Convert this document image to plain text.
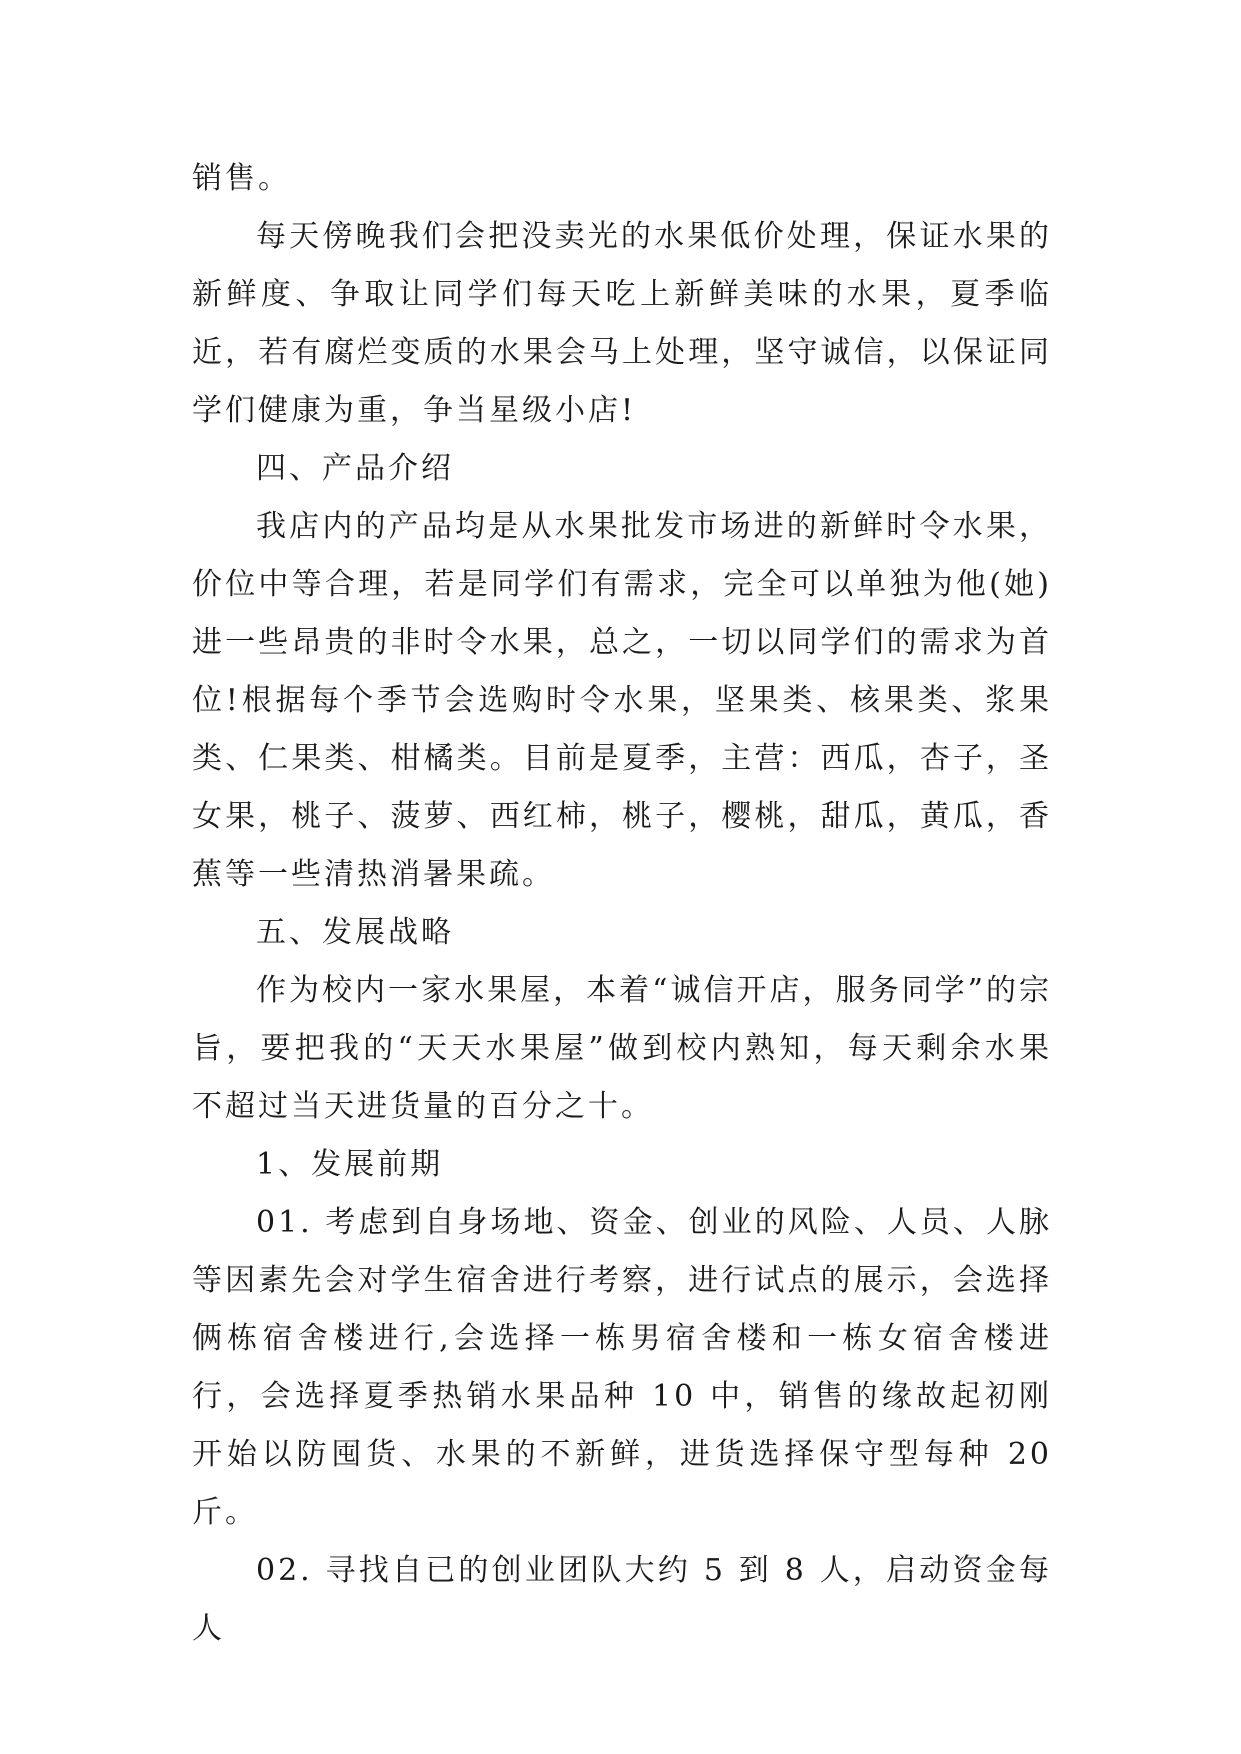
销售。

每天傍晚我们会把没卖光的水果低价处理，保证水果的新鲜度、争取让同学们每天吃上新鲜美味的水果，夏季临近，若有腐烂变质的水果会马上处理，坚守诚信，以保证同学们健康为重，争当星级小店!

四、产品介绍

我店内的产品均是从水果批发市场进的新鲜时令水果，价位中等合理，若是同学们有需求，完全可以单独为他(她)进一些昂贵的非时令水果，总之，一切以同学们的需求为首位!根据每个季节会选购时令水果，坚果类、核果类、浆果类、仁果类、柑橘类。目前是夏季，主营：西瓜，杏子，圣女果，桃子、菠萝、西红柿，桃子，樱桃，甜瓜，黄瓜，香蕉等一些清热消暑果疏。

五、发展战略

作为校内一家水果屋，本着“诚信开店，服务同学”的宗旨，要把我的“天天水果屋”做到校内熟知，每天剩余水果不超过当天进货量的百分之十。

1、发展前期

01. 考虑到自身场地、资金、创业的风险、人员、人脉等因素先会对学生宿舍进行考察，进行试点的展示，会选择俩栋宿舍楼进行,会选择一栋男宿舍楼和一栋女宿舍楼进行，会选择夏季热销水果品种 10 中，销售的缘故起初刚开始以防囤货、水果的不新鲜，进货选择保守型每种 20 斤。

02. 寻找自已的创业团队大约 5 到 8 人，启动资金每人
